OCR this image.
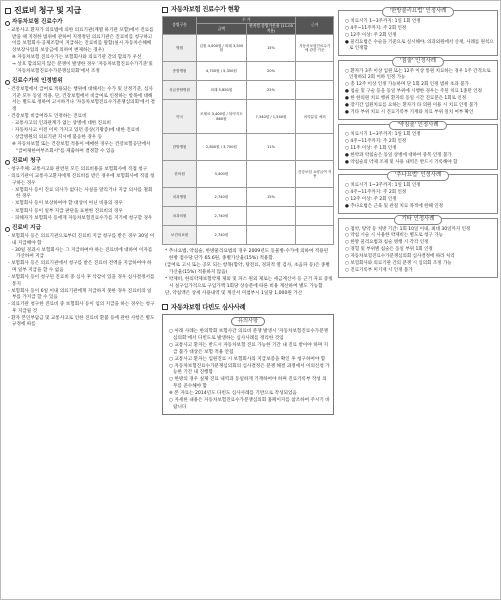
진료비 청구 및 지급
자동차보험 진료수가
- 교통사고 환자가 의료법에 의한 의료기관(계열 하기관 포함)에서 진료를 받을 때 지정한 범위에 관하여 지정정된 의료기관은 진료비를 청구하고 이를 보험회사·공제조합이 지급하는 진료비를 말함(실시 자동차손해배상보장사업의 보상금에 의하여 변제하는 경우)
※ 자동차보험 진료수가는 보험회사와 의료기관 간의 합의가 우선
→ 상호 합의되지 않은 분쟁이 발생한 경우 '자동차보험진료수가기준'및 '자동차보험진료수가분쟁심의회'에서 조정
진료수가의 인정범위
- 건강보험에서 급여로 적용되는 행위에 대해서는 수가 및 산정기준, 심사기준 모두 동일 적용. 단, 건강보험에서 비급여로 인정하는 항목에 대해서는 별도로 정하여 고시하거나 '자동차보험진료수가분쟁심의회'에서 결정
- 건강보험 비급여라도 인정하는 진료비
· 교통사고의 인과관계가 없는 상병에 대한 진료비
· 자동차사고 이전 이미 가지고 있던 증상(기왕증)에 대한 진료비
· 상급병원의 의료기관 지시에 불응한 경우 등
※ 자동차보험 또는 건강보험 적용이 애매한 경우는 건강보험공단에서 "급여제한여부조회서"를 제출하여 결정할 수 있음
진료비 청구
- 청구주체: 교통사고와 관련된 모든 의료비용을 보험회사에 직접 청구
- 의료기관이 교통사고환자에게 진료비를 받은 경우에 보험회사에 직접 청구하는 경우
· 보험회사 등이 진료 의사가 없다는 사실을 알리거나 지급 의사를 철회한 경우
· 보험회사 등이 보상하여야 할 대상이 아닌 비용의 경우
· 보험회사 등이 일부 지급 판단을 표현한 진료비의 경우
· 피해자가 보험회사 등에게 자동차보험진료수가를 지기에 청구할 경우
진료비 지급
- 보험회사 등은 의료기관으로부터 진료비 지급 청구를 받은 경우 30일 이내 지급해야 함
· 30일 경과시 보험회사는 그 지급하여야 하는 진료비에 대하여 이자를 가산하여 지급
- 보험회사 등은 의료기관에서 청구를 받은 진료비 전액을 지급하여야 하며 일부 지급을 할 수 없음
- 보험회사 등이 청구된 진료비 중 심사 후 삭감이 있을 경우 심사결정서를 통지
- 보험회사 등이 6일 이내 의료기관에게 지급하지 못한 경우 진료비의 일부를 가지급 할 수 있음
- 의료기관 청구한 진료비 중 보험회사 등이 임의 지급을 하는 경우는 청구 후 지급될 것
- 환자 본인부담금 및 교통사고로 인한 진료비 환불 등에 관한 사항은 별도 규정에 따름
자동차보험 진료수가 현황
종별구분	수 가		근거
	금액	현지정 종별가산율 (11.05 적용)	
병원	입원 4,000원 / 외래 3,500원	15%	자동차보험진료수가에 관한 기준
종합병원	4,700원 / 5,350원	20%	
상급종합병원	외래 5,850원	25%	
약국	조제료 3,400원 / 복약지도 860원	7,340원 / 1,540원	의약분업 예외
한방병원	2,800원 / 3,700원	11%	
한의원	3,400원		건강보험 요양급여 적용
치과병원	2,740원	15%	
치과의원	2,740원		
보건의료원	2,740원		
* 추나요법, 약침술, 한방물리요법의 경우 2009년도 동물병·수가에 의하여 적용된 한방 점수당 단가 65.6원, 종별가산율(15%) 적용함.
(급여로 고시 또는 공모 되는 항목(함약, 탕전료, 경피적 열 검사, 초음파 등)은 종별가산율(15%) 적용하지 않음)
* 약제비, 한의약제보험약제 제외 및 파스 원외 제로는 세금계산서 등 근거 자료 증빙시 실구입가격으로 구입가액 1회당 상승분에 따른 비용 계산하여 별도 가능함
단, 약침액은 상세 사용내역 및 계산서 미첨부시 1일당 1,000원 가산
자동차보험 다빈도 심사사례
유의사항
○ 아래 사례는 한의학회 보험사간 의료비 분쟁 발생시 '자동차보험진료수가분쟁심의회'에서 다빈도로 발생하는 심사사례를 정리한 것임
○ 교통사고 환자는 반드시 자동차보험 진료 가능한 기간 내 진료 받아야 하며 지급 불가 대상은 보험 적용 안됨
○ 교통사고 환자는 입원진료 시 보험회사의 지급보증을 확인 후 청구하여야 함
○ 자동차보험진료수가분쟁심의회의 심사결정은 분쟁 해결 과정에서 이의신청 가능한 기간 내 진행함
○ 한방의 경우 실제 진료 내역과 동일하게 기재하여야 하며 진료기록부 작성 의무를 준수해야 함
※ 본 자료는 2014년도 다빈도 심사사례를 기반으로 작성되었음
○ 자세한 내용은 자동차보험진료수가분쟁심의회 홈페이지를 참조하여 주시기 바랍니다
'한방물리요법' 인정사례
○ 치료시기 1~3주까지: 1일 1회 인정
○ 4주~11주까지: 주 2회 인정
○ 12주 이상: 주 2회 인정
● 물리요법은 수술을 기준으로 실시해야, 의과외원에서 산재, 사례를 원칙으로 인정함
'침술' 인정사례
○ 환자가 3주 이상 입원 또는 12주 이상 통원 치료하는 경우 1주 간격으로 인정하되 2회 이하 인정 가능
○ 총 12주 이상 인정 가능하며 단 1회 2회 인정 범위 초과 불가
● 침술 및 구술 등을 동일 부위에 시행한 경우는 주된 치료 1종만 인정
● 한 한의원 치료 행위 환자의 동일 시간 진료분은 1회로 인정
● 장기간 입원치료를 요하는 환자가 타 의원 이용 시 치료 인정 불가
● 기타 부위 치료 시 진료기록부 기재와 치료 부위 일치 여부 확인
'약침술' 인정사례
○ 치료시기 1~3주까지: 1일 1회 인정
○ 4주~11주까지: 주 2회 인정
○ 11주 이상: 주 1회 인정
● 한약과 약침술은 동일 상병에 대하여 중복 인정 불가
● 약침술의 약제 조제 및 사용 내역은 반드시 기록해야 함
'추나요법' 인정사례
○ 치료시기 1~3주까지: 1일 1회 인정
○ 4주~11주까지: 주 2회 인정
○ 12주 이상: 주 2회 인정
● 추나요법은 근육 및 관절 치료 목적에 한해 인정
기타 인정사례
○ 첩약, 탕약 등 처방 기간: 1회 10일 이내, 최대 30일까지 인정
○ 약침 시술 시 사용한 약제비는 별도로 청구 가능
○ 한방 물리요법과 침술 병행 시 각각 인정
○ 경혈 및 부위별 침술은 동일 부위 1회 인정
○ 자동차보험진료수가분쟁심의회 심사결정에 따라 처리
○ 보험회사와 의료기관 간의 분쟁 시 심의회 조정 가능
○ 진료기록부 미기재 시 인정 불가
